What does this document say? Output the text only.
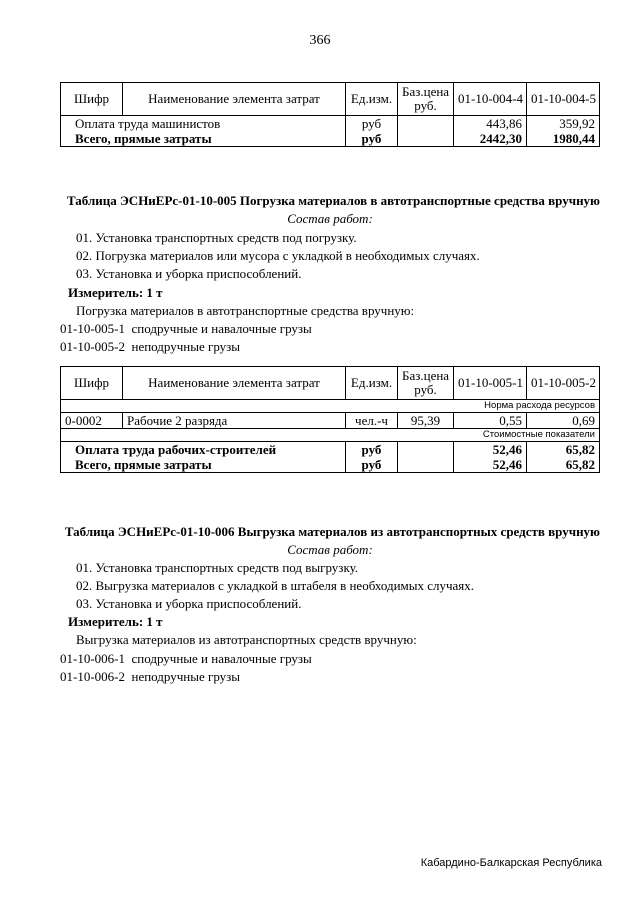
366
Шифр	Наименование элемента затрат	Ед.изм.	Баз.цена руб.	01-10-004-4	01-10-004-5
Оплата труда машинистов		руб		443,86	359,92
Всего, прямые затраты		руб		2442,30	1980,44
Таблица ЭСНиЕРс-01-10-005 Погрузка материалов в автотранспортные средства вручную
Состав работ:
01. Установка транспортных средств под погрузку.
02. Погрузка материалов или мусора с укладкой в необходимых случаях.
03. Установка и уборка приспособлений.
Измеритель: 1 т
Погрузка материалов в автотранспортные средства вручную:
01-10-005-1 сподручные и навалочные грузы
01-10-005-2 неподручные грузы
Шифр	Наименование элемента затрат	Ед.изм.	Баз.цена руб.	01-10-005-1	01-10-005-2
Норма расхода ресурсов					
0-0002	Рабочие 2 разряда	чел.-ч	95,39	0,55	0,69
Стоимостные показатели					
Оплата труда рабочих-строителей		руб		52,46	65,82
Всего, прямые затраты		руб		52,46	65,82
Таблица ЭСНиЕРс-01-10-006 Выгрузка материалов из автотранспортных средств вручную
Состав работ:
01. Установка транспортных средств под выгрузку.
02. Выгрузка материалов с укладкой в штабеля в необходимых случаях.
03. Установка и уборка приспособлений.
Измеритель: 1 т
Выгрузка материалов из автотранспортных средств вручную:
01-10-006-1 сподручные и навалочные грузы
01-10-006-2 неподручные грузы
Кабардино-Балкарская Республика
